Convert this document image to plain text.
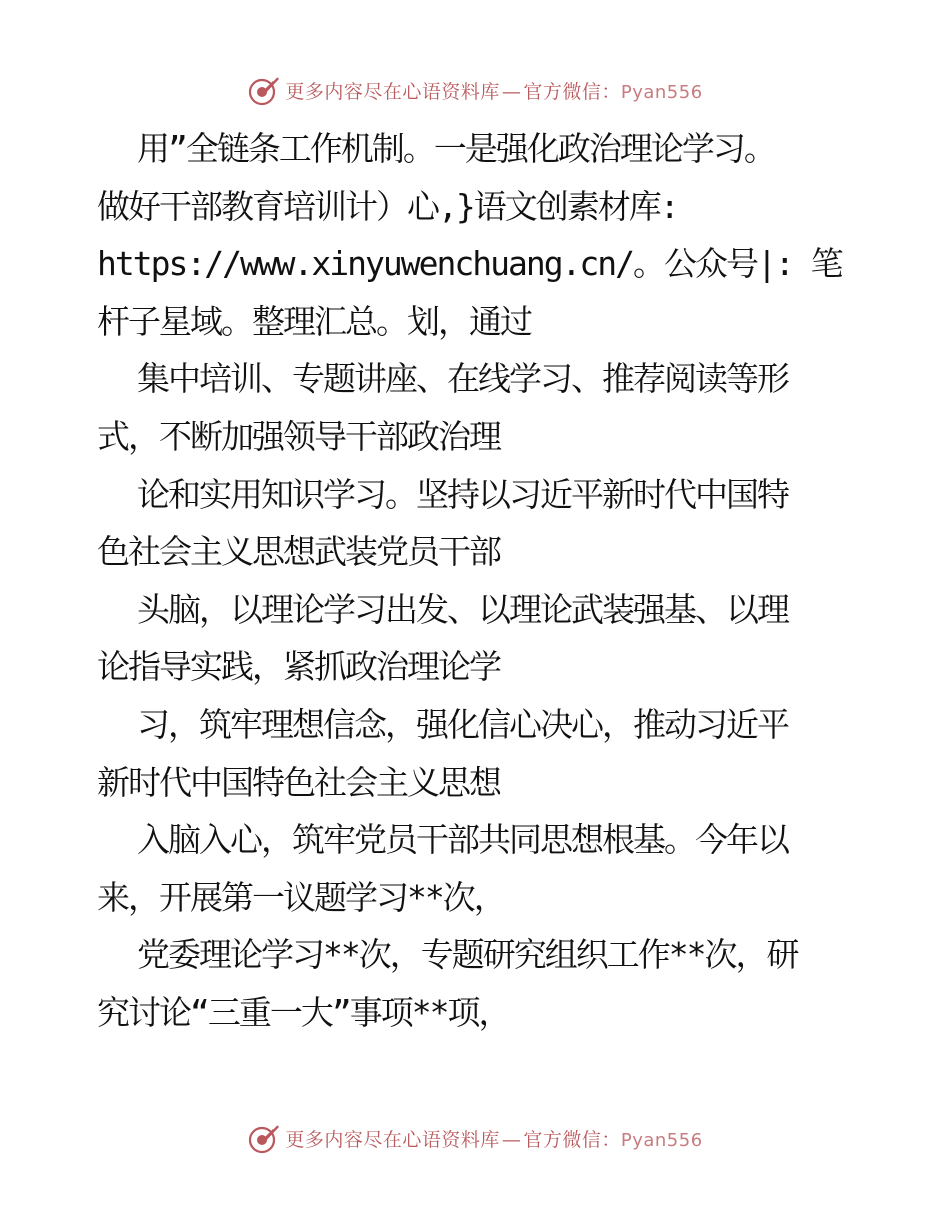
更多内容尽在心语资料库 — 官方微信：Pyan556
用”全链条工作机制。一是强化政治理论学习。
做好干部教育培训计）心,}语文创素材库:
https://www.xinyuwenchuang.cn/。公众号|: 笔
杆子星域。整理汇总。划，通过
集中培训、专题讲座、在线学习、推荐阅读等形
式，不断加强领导干部政治理
论和实用知识学习。坚持以习近平新时代中国特
色社会主义思想武装党员干部
头脑，以理论学习出发、以理论武装强基、以理
论指导实践，紧抓政治理论学
习，筑牢理想信念，强化信心决心，推动习近平
新时代中国特色社会主义思想
入脑入心，筑牢党员干部共同思想根基。今年以
来，开展第一议题学习**次，
党委理论学习**次，专题研究组织工作**次，研
究讨论“三重一大”事项**项，
更多内容尽在心语资料库 — 官方微信：Pyan556
